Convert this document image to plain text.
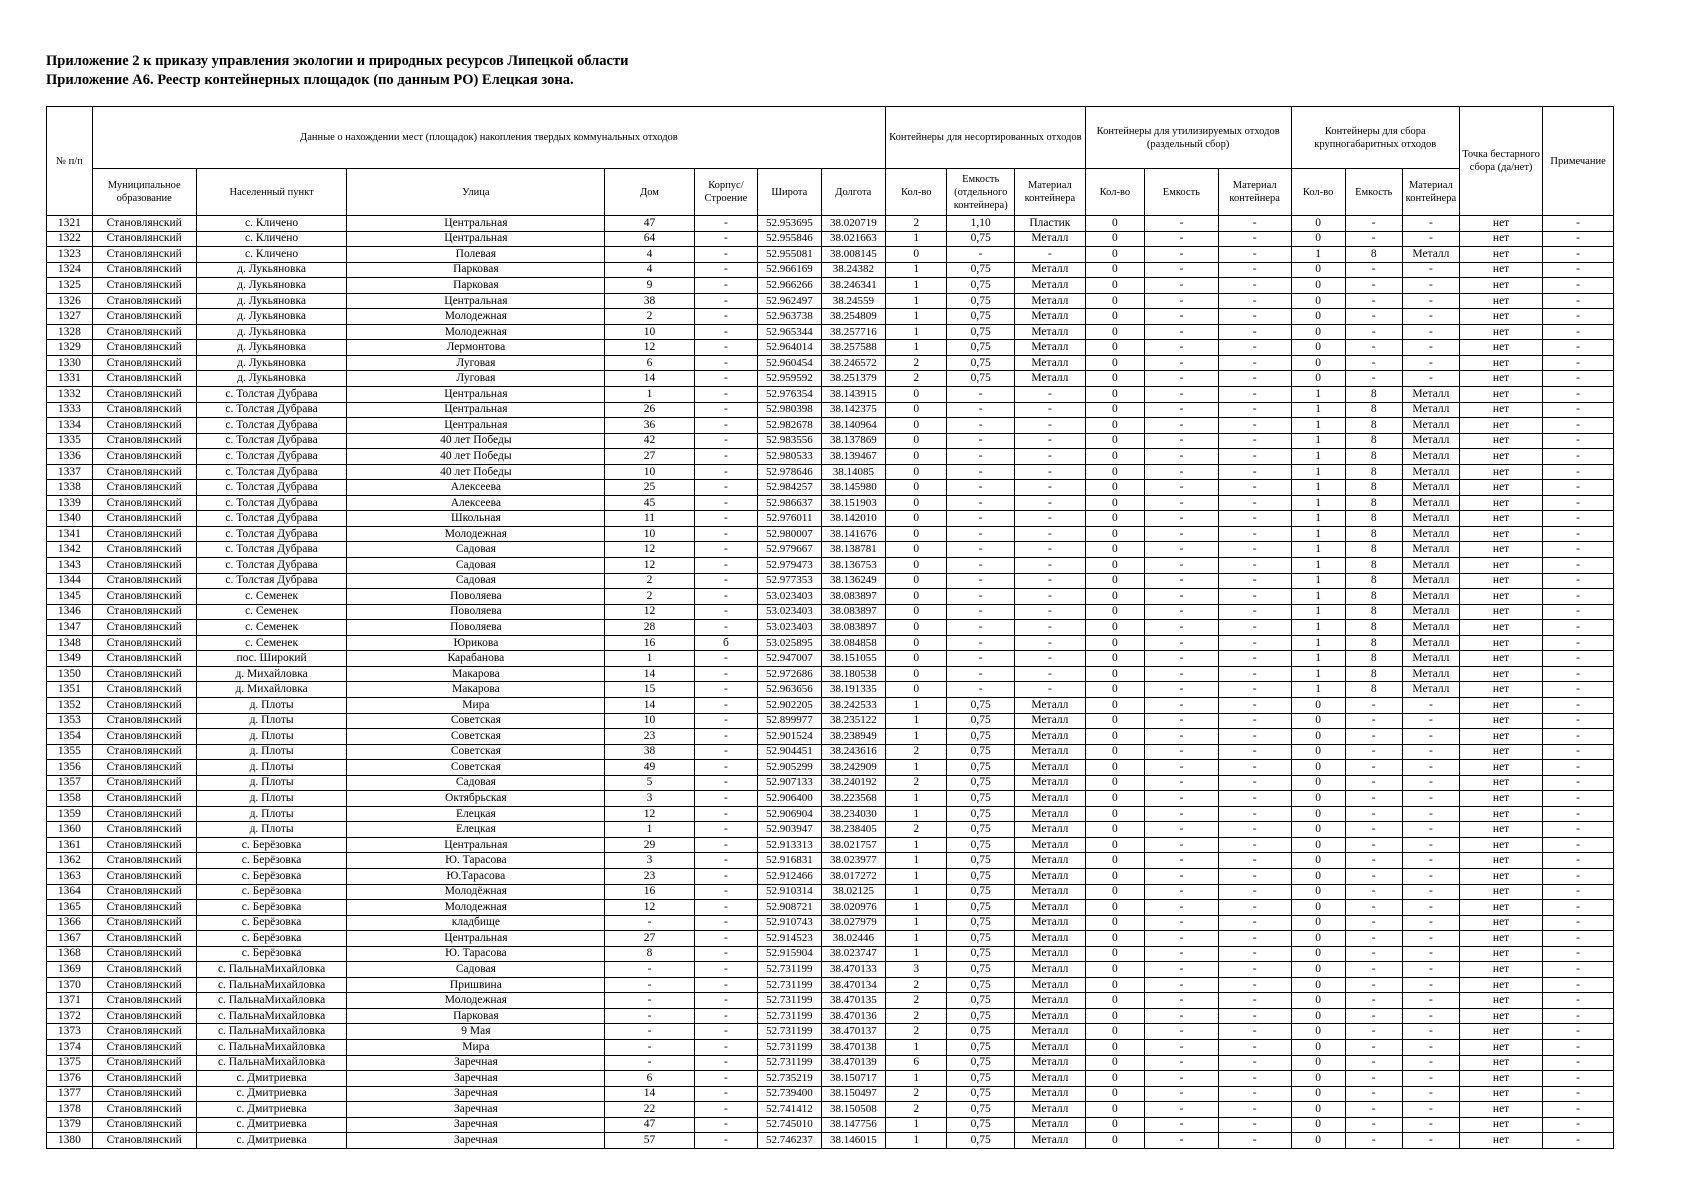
Приложение 2 к приказу управления экологии и природных ресурсов Липецкой области
Приложение А6. Реестр контейнерных площадок (по данным РО) Елецкая зона.
№ п/п	Данные о нахождении мест (площадок) накопления твердых коммунальных отходов							Контейнеры для несортированных отходов			Контейнеры для утилизируемых отходов (раздельный сбор)			Контейнеры для сбора крупногабаритных отходов			Точка бестарного сбора (да/нет)	Примечание
	Муниципальное образование	Населенный пункт	Улица	Дом	Корпус/ Строение	Широта	Долгота	Кол-во	Емкость (отдельного контейнера)	Материал контейнера	Кол-во	Емкость	Материал контейнера	Кол-во	Емкость	Материал контейнера		
1321	Становлянский	с. Кличено	Центральная	47	-	52.953695	38.020719	2	1,10	Пластик	0	-	-	0	-	-	нет	-
1322	Становлянский	с. Кличено	Центральная	64	-	52.955846	38.021663	1	0,75	Металл	0	-	-	0	-	-	нет	-
1323	Становлянский	с. Кличено	Полевая	4	-	52.955081	38.008145	0	-	-	0	-	-	1	8	Металл	нет	-
1324	Становлянский	д. Лукьяновка	Парковая	4	-	52.966169	38.24382	1	0,75	Металл	0	-	-	0	-	-	нет	-
1325	Становлянский	д. Лукьяновка	Парковая	9	-	52.966266	38.246341	1	0,75	Металл	0	-	-	0	-	-	нет	-
1326	Становлянский	д. Лукьяновка	Центральная	38	-	52.962497	38.24559	1	0,75	Металл	0	-	-	0	-	-	нет	-
1327	Становлянский	д. Лукьяновка	Молодежная	2	-	52.963738	38.254809	1	0,75	Металл	0	-	-	0	-	-	нет	-
1328	Становлянский	д. Лукьяновка	Молодежная	10	-	52.965344	38.257716	1	0,75	Металл	0	-	-	0	-	-	нет	-
1329	Становлянский	д. Лукьяновка	Лермонтова	12	-	52.964014	38.257588	1	0,75	Металл	0	-	-	0	-	-	нет	-
1330	Становлянский	д. Лукьяновка	Луговая	6	-	52.960454	38.246572	2	0,75	Металл	0	-	-	0	-	-	нет	-
1331	Становлянский	д. Лукьяновка	Луговая	14	-	52.959592	38.251379	2	0,75	Металл	0	-	-	0	-	-	нет	-
1332	Становлянский	с. Толстая Дубрава	Центральная	1	-	52.976354	38.143915	0	-	-	0	-	-	1	8	Металл	нет	-
1333	Становлянский	с. Толстая Дубрава	Центральная	26	-	52.980398	38.142375	0	-	-	0	-	-	1	8	Металл	нет	-
1334	Становлянский	с. Толстая Дубрава	Центральная	36	-	52.982678	38.140964	0	-	-	0	-	-	1	8	Металл	нет	-
1335	Становлянский	с. Толстая Дубрава	40 лет Победы	42	-	52.983556	38.137869	0	-	-	0	-	-	1	8	Металл	нет	-
1336	Становлянский	с. Толстая Дубрава	40 лет Победы	27	-	52.980533	38.139467	0	-	-	0	-	-	1	8	Металл	нет	-
1337	Становлянский	с. Толстая Дубрава	40 лет Победы	10	-	52.978646	38.14085	0	-	-	0	-	-	1	8	Металл	нет	-
1338	Становлянский	с. Толстая Дубрава	Алексеева	25	-	52.984257	38.145980	0	-	-	0	-	-	1	8	Металл	нет	-
1339	Становлянский	с. Толстая Дубрава	Алексеева	45	-	52.986637	38.151903	0	-	-	0	-	-	1	8	Металл	нет	-
1340	Становлянский	с. Толстая Дубрава	Школьная	11	-	52.976011	38.142010	0	-	-	0	-	-	1	8	Металл	нет	-
1341	Становлянский	с. Толстая Дубрава	Молодежная	10	-	52.980007	38.141676	0	-	-	0	-	-	1	8	Металл	нет	-
1342	Становлянский	с. Толстая Дубрава	Садовая	12	-	52.979667	38.138781	0	-	-	0	-	-	1	8	Металл	нет	-
1343	Становлянский	с. Толстая Дубрава	Садовая	12	-	52.979473	38.136753	0	-	-	0	-	-	1	8	Металл	нет	-
1344	Становлянский	с. Толстая Дубрава	Садовая	2	-	52.977353	38.136249	0	-	-	0	-	-	1	8	Металл	нет	-
1345	Становлянский	с. Семенек	Поволяева	2	-	53.023403	38.083897	0	-	-	0	-	-	1	8	Металл	нет	-
1346	Становлянский	с. Семенек	Поволяева	12	-	53.023403	38.083897	0	-	-	0	-	-	1	8	Металл	нет	-
1347	Становлянский	с. Семенек	Поволяева	28	-	53.023403	38.083897	0	-	-	0	-	-	1	8	Металл	нет	-
1348	Становлянский	с. Семенек	Юрикова	16	б	53.025895	38.084858	0	-	-	0	-	-	1	8	Металл	нет	-
1349	Становлянский	пос. Широкий	Карабанова	1	-	52.947007	38.151055	0	-	-	0	-	-	1	8	Металл	нет	-
1350	Становлянский	д. Михайловка	Макарова	14	-	52.972686	38.180538	0	-	-	0	-	-	1	8	Металл	нет	-
1351	Становлянский	д. Михайловка	Макарова	15	-	52.963656	38.191335	0	-	-	0	-	-	1	8	Металл	нет	-
1352	Становлянский	д. Плоты	Мира	14	-	52.902205	38.242533	1	0,75	Металл	0	-	-	0	-	-	нет	-
1353	Становлянский	д. Плоты	Советская	10	-	52.899977	38.235122	1	0,75	Металл	0	-	-	0	-	-	нет	-
1354	Становлянский	д. Плоты	Советская	23	-	52.901524	38.238949	1	0,75	Металл	0	-	-	0	-	-	нет	-
1355	Становлянский	д. Плоты	Советская	38	-	52.904451	38.243616	2	0,75	Металл	0	-	-	0	-	-	нет	-
1356	Становлянский	д. Плоты	Советская	49	-	52.905299	38.242909	1	0,75	Металл	0	-	-	0	-	-	нет	-
1357	Становлянский	д. Плоты	Садовая	5	-	52.907133	38.240192	2	0,75	Металл	0	-	-	0	-	-	нет	-
1358	Становлянский	д. Плоты	Октябрьская	3	-	52.906400	38.223568	1	0,75	Металл	0	-	-	0	-	-	нет	-
1359	Становлянский	д. Плоты	Елецкая	12	-	52.906904	38.234030	1	0,75	Металл	0	-	-	0	-	-	нет	-
1360	Становлянский	д. Плоты	Елецкая	1	-	52.903947	38.238405	2	0,75	Металл	0	-	-	0	-	-	нет	-
1361	Становлянский	с. Берёзовка	Центральная	29	-	52.913313	38.021757	1	0,75	Металл	0	-	-	0	-	-	нет	-
1362	Становлянский	с. Берёзовка	Ю. Тарасова	3	-	52.916831	38.023977	1	0,75	Металл	0	-	-	0	-	-	нет	-
1363	Становлянский	с. Берёзовка	Ю.Тарасова	23	-	52.912466	38.017272	1	0,75	Металл	0	-	-	0	-	-	нет	-
1364	Становлянский	с. Берёзовка	Молодёжная	16	-	52.910314	38.02125	1	0,75	Металл	0	-	-	0	-	-	нет	-
1365	Становлянский	с. Берёзовка	Молодежная	12	-	52.908721	38.020976	1	0,75	Металл	0	-	-	0	-	-	нет	-
1366	Становлянский	с. Берёзовка	кладбище	-	-	52.910743	38.027979	1	0,75	Металл	0	-	-	0	-	-	нет	-
1367	Становлянский	с. Берёзовка	Центральная	27	-	52.914523	38.02446	1	0,75	Металл	0	-	-	0	-	-	нет	-
1368	Становлянский	с. Берёзовка	Ю. Тарасова	8	-	52.915904	38.023747	1	0,75	Металл	0	-	-	0	-	-	нет	-
1369	Становлянский	с. ПальнаМихайловка	Садовая	-	-	52.731199	38.470133	3	0,75	Металл	0	-	-	0	-	-	нет	-
1370	Становлянский	с. ПальнаМихайловка	Пришвина	-	-	52.731199	38.470134	2	0,75	Металл	0	-	-	0	-	-	нет	-
1371	Становлянский	с. ПальнаМихайловка	Молодежная	-	-	52.731199	38.470135	2	0,75	Металл	0	-	-	0	-	-	нет	-
1372	Становлянский	с. ПальнаМихайловка	Парковая	-	-	52.731199	38.470136	2	0,75	Металл	0	-	-	0	-	-	нет	-
1373	Становлянский	с. ПальнаМихайловка	9 Мая	-	-	52.731199	38.470137	2	0,75	Металл	0	-	-	0	-	-	нет	-
1374	Становлянский	с. ПальнаМихайловка	Мира	-	-	52.731199	38.470138	1	0,75	Металл	0	-	-	0	-	-	нет	-
1375	Становлянский	с. ПальнаМихайловка	Заречная	-	-	52.731199	38.470139	6	0,75	Металл	0	-	-	0	-	-	нет	-
1376	Становлянский	с. Дмитриевка	Заречная	6	-	52.735219	38.150717	1	0,75	Металл	0	-	-	0	-	-	нет	-
1377	Становлянский	с. Дмитриевка	Заречная	14	-	52.739400	38.150497	2	0,75	Металл	0	-	-	0	-	-	нет	-
1378	Становлянский	с. Дмитриевка	Заречная	22	-	52.741412	38.150508	2	0,75	Металл	0	-	-	0	-	-	нет	-
1379	Становлянский	с. Дмитриевка	Заречная	47	-	52.745010	38.147756	1	0,75	Металл	0	-	-	0	-	-	нет	-
1380	Становлянский	с. Дмитриевка	Заречная	57	-	52.746237	38.146015	1	0,75	Металл	0	-	-	0	-	-	нет	-
